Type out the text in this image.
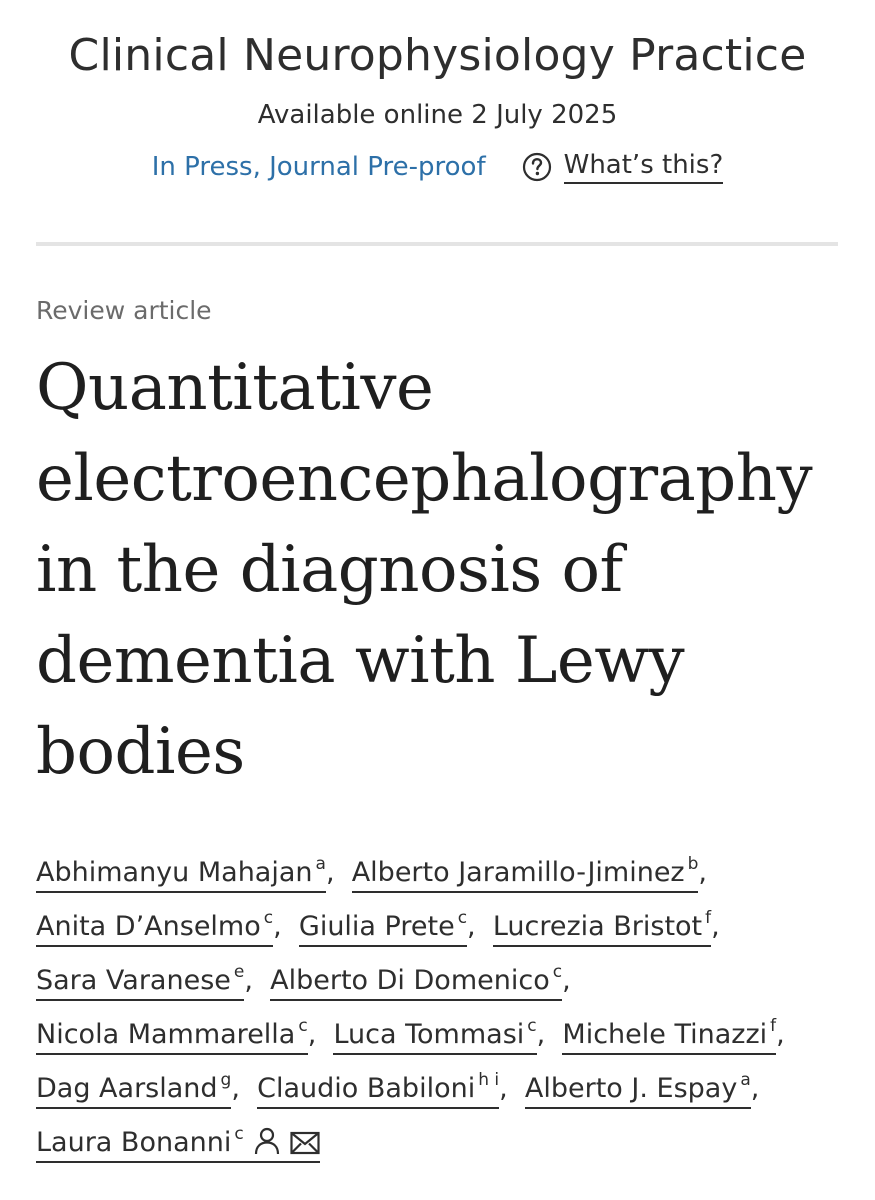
Clinical Neurophysiology Practice
Available online 2 July 2025
In Press, Journal Pre-proof	What’s this?
Review article
Quantitative electroencephalography in the diagnosis of dementia with Lewy bodies
Abhimanyu Mahajan $^a$,  Alberto Jaramillo-Jiminez $^b$,  Anita D’Anselmo $^c$,  Giulia Prete $^c$,  Lucrezia Bristot $^f$,  Sara Varanese $^e$,  Alberto Di Domenico $^c$,  Nicola Mammarella $^c$,  Luca Tommasi $^c$,  Michele Tinazzi $^f$,  Dag Aarsland $^g$,  Claudio Babiloni $^{h i}$,  Alberto J. Espay $^a$,  Laura Bonanni $^c$
